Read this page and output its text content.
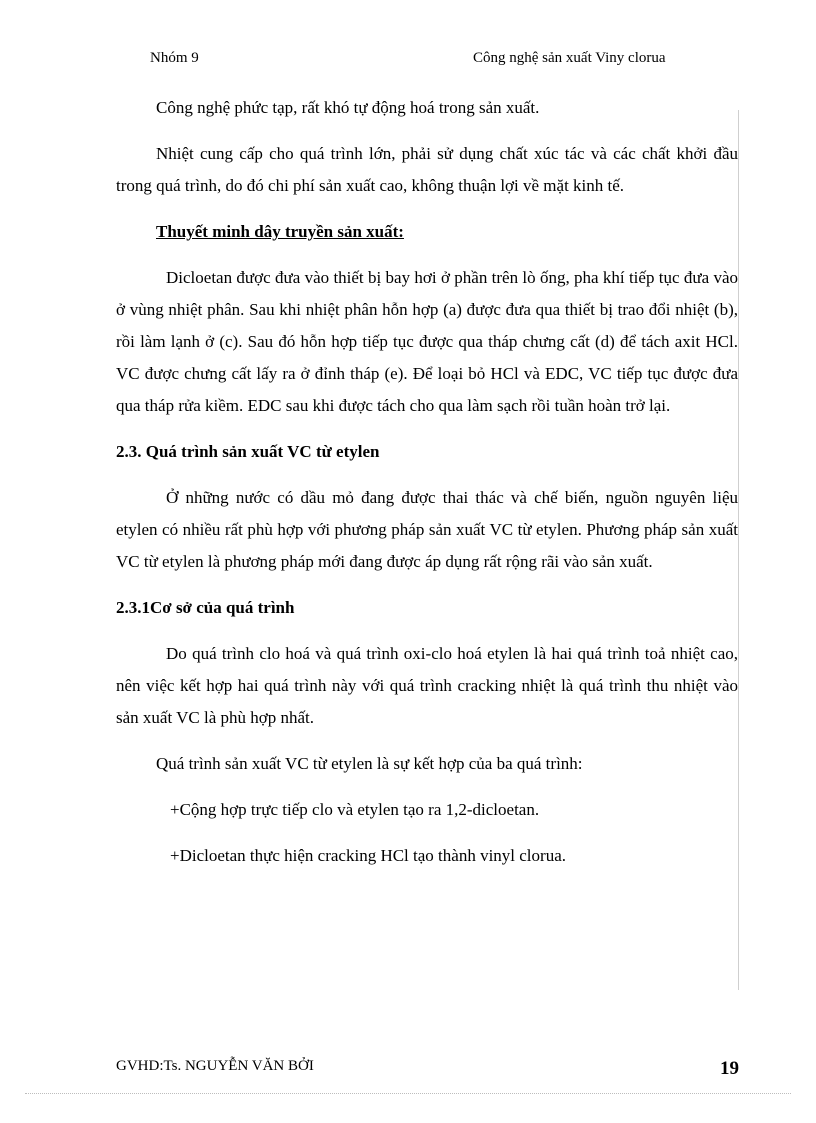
Nhóm 9	Công nghệ sản xuất Viny clorua

Công nghệ phức tạp, rất khó tự động hoá trong sản xuất.

Nhiệt cung cấp cho quá trình lớn, phải sử dụng chất xúc tác và các chất khởi đầu trong quá trình, do đó chi phí sản xuất cao, không thuận lợi về mặt kinh tế.

Thuyết minh dây truyền sản xuất:

Dicloetan được đưa vào thiết bị bay hơi ở phần trên lò ống, pha khí tiếp tục đưa vào ở vùng nhiệt phân. Sau khi nhiệt phân hỗn hợp (a) được đưa qua thiết bị trao đổi nhiệt (b), rồi làm lạnh ở (c). Sau đó hỗn hợp tiếp tục được qua tháp chưng cất (d) để tách axit HCl. VC được chưng cất lấy ra ở đỉnh tháp (e). Để loại bỏ HCl và EDC, VC tiếp tục được đưa qua tháp rửa kiềm. EDC sau khi được tách cho qua làm sạch rồi tuần hoàn trở lại.

2.3. Quá trình sản xuất VC từ etylen

Ở những nước có dầu mỏ đang được thai thác và chế biến, nguồn nguyên liệu etylen có nhiều rất phù hợp với phương pháp sản xuất VC từ etylen. Phương pháp sản xuất VC từ etylen là phương pháp mới đang được áp dụng rất rộng rãi vào sản xuất.

2.3.1Cơ sở của quá trình

Do quá trình clo hoá và quá trình oxi-clo hoá etylen là hai quá trình toả nhiệt cao, nên việc kết hợp hai quá trình này với quá trình cracking nhiệt là quá trình thu nhiệt vào sản xuất VC là phù hợp nhất.

Quá trình sản xuất VC từ etylen là sự kết hợp của ba quá trình:

+Cộng hợp trực tiếp clo và etylen tạo ra 1,2-dicloetan.

+Dicloetan thực hiện cracking HCl tạo thành vinyl clorua.

GVHD:Ts. NGUYỄN VĂN BỞI	19
